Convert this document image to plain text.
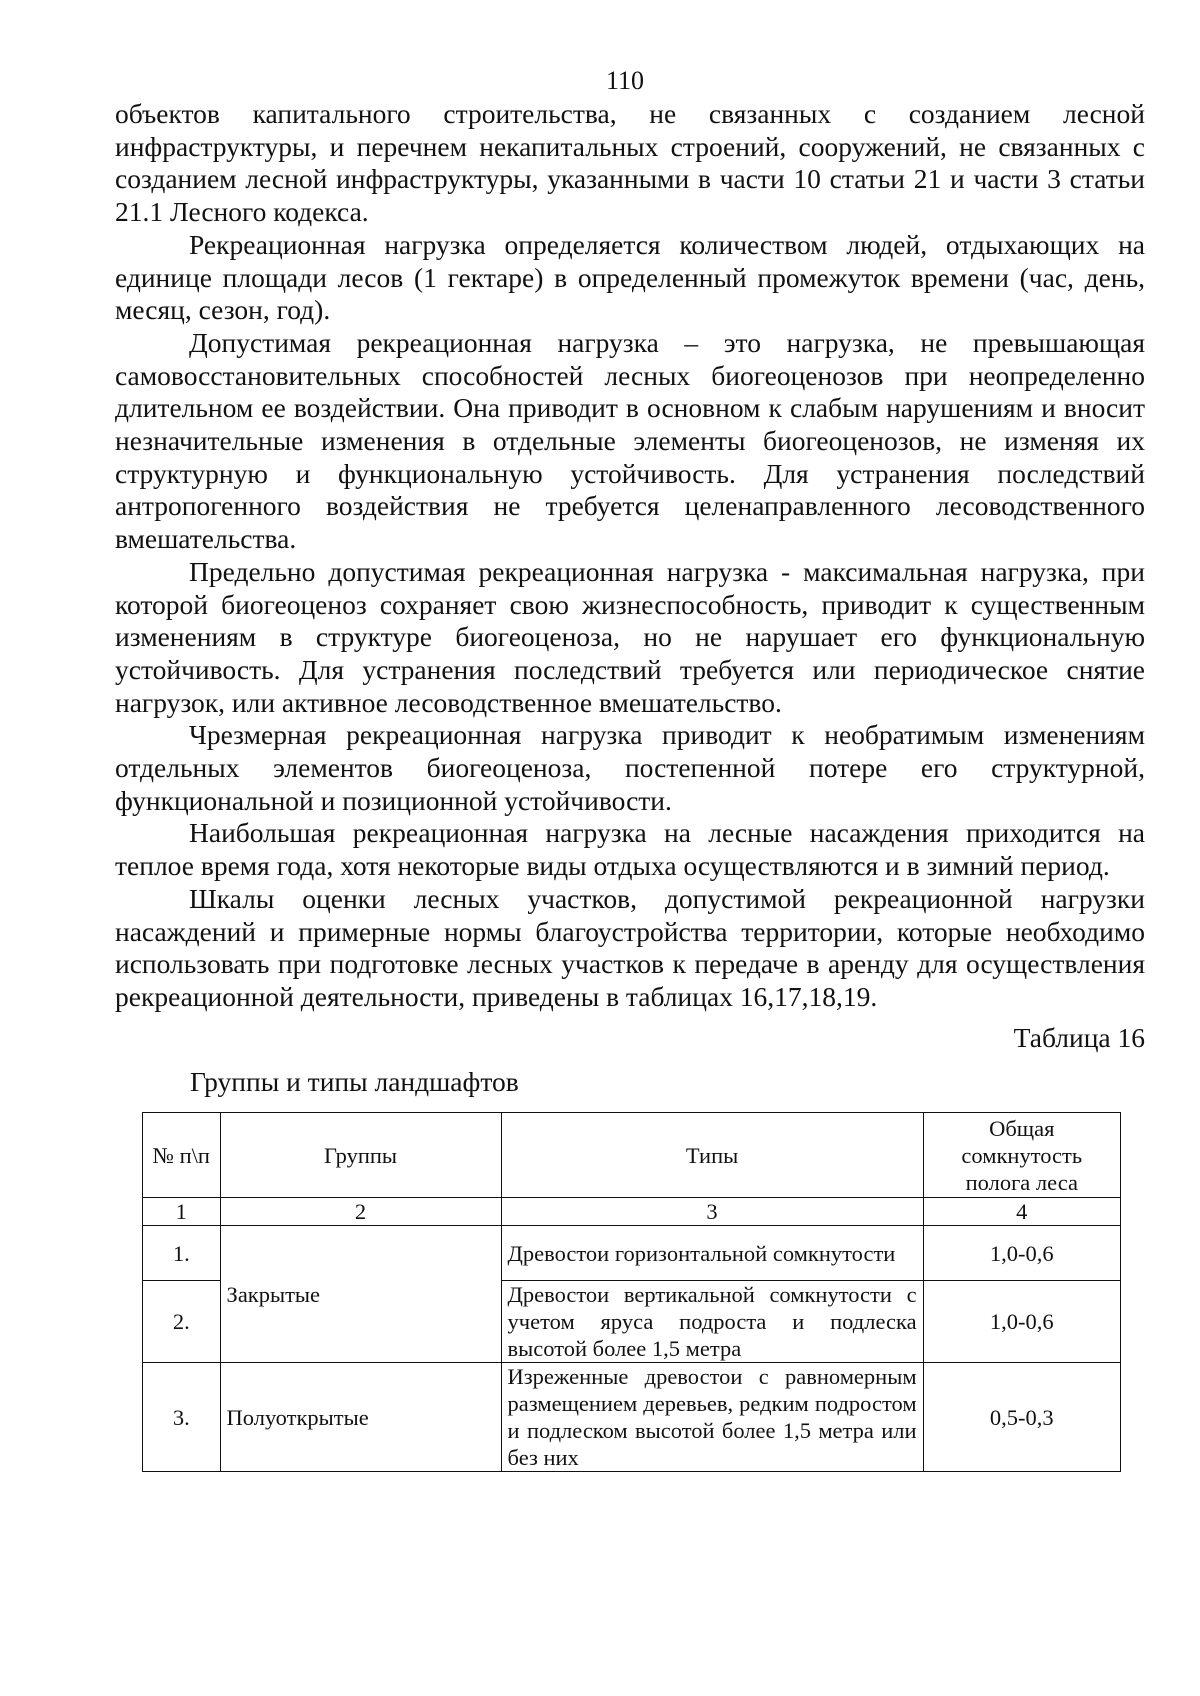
110

объектов капитального строительства, не связанных с созданием лесной инфраструктуры, и перечнем некапитальных строений, сооружений, не связанных с созданием лесной инфраструктуры, указанными в части 10 статьи 21 и части 3 статьи 21.1 Лесного кодекса.

Рекреационная нагрузка определяется количеством людей, отдыхающих на единице площади лесов (1 гектаре) в определенный промежуток времени (час, день, месяц, сезон, год).

Допустимая рекреационная нагрузка – это нагрузка, не превышающая самовосстановительных способностей лесных биогеоценозов при неопределенно длительном ее воздействии. Она приводит в основном к слабым нарушениям и вносит незначительные изменения в отдельные элементы биогеоценозов, не изменяя их структурную и функциональную устойчивость. Для устранения последствий антропогенного воздействия не требуется целенаправленного лесоводственного вмешательства.

Предельно допустимая рекреационная нагрузка - максимальная нагрузка, при которой биогеоценоз сохраняет свою жизнеспособность, приводит к существенным изменениям в структуре биогеоценоза, но не нарушает его функциональную устойчивость. Для устранения последствий требуется или периодическое снятие нагрузок, или активное лесоводственное вмешательство.

Чрезмерная рекреационная нагрузка приводит к необратимым изменениям отдельных элементов биогеоценоза, постепенной потере его структурной, функциональной и позиционной устойчивости.

Наибольшая рекреационная нагрузка на лесные насаждения приходится на теплое время года, хотя некоторые виды отдыха осуществляются и в зимний период.

Шкалы оценки лесных участков, допустимой рекреационной нагрузки насаждений и примерные нормы благоустройства территории, которые необходимо использовать при подготовке лесных участков к передаче в аренду для осуществления рекреационной деятельности, приведены в таблицах 16,17,18,19.

Таблица 16
Группы и типы ландшафтов
№ п\п	Группы	Типы	Общая сомкнутость полога леса
1	2	3	4
1.	Закрытые	Древостои горизонтальной сомкнутости	1,0-0,6
2.		Древостои вертикальной сомкнутости с учетом яруса подроста и подлеска высотой более 1,5 метра	1,0-0,6
3.	Полуоткрытые	Изреженные древостои с равномерным размещением деревьев, редким подростом и подлеском высотой более 1,5 метра или без них	0,5-0,3
